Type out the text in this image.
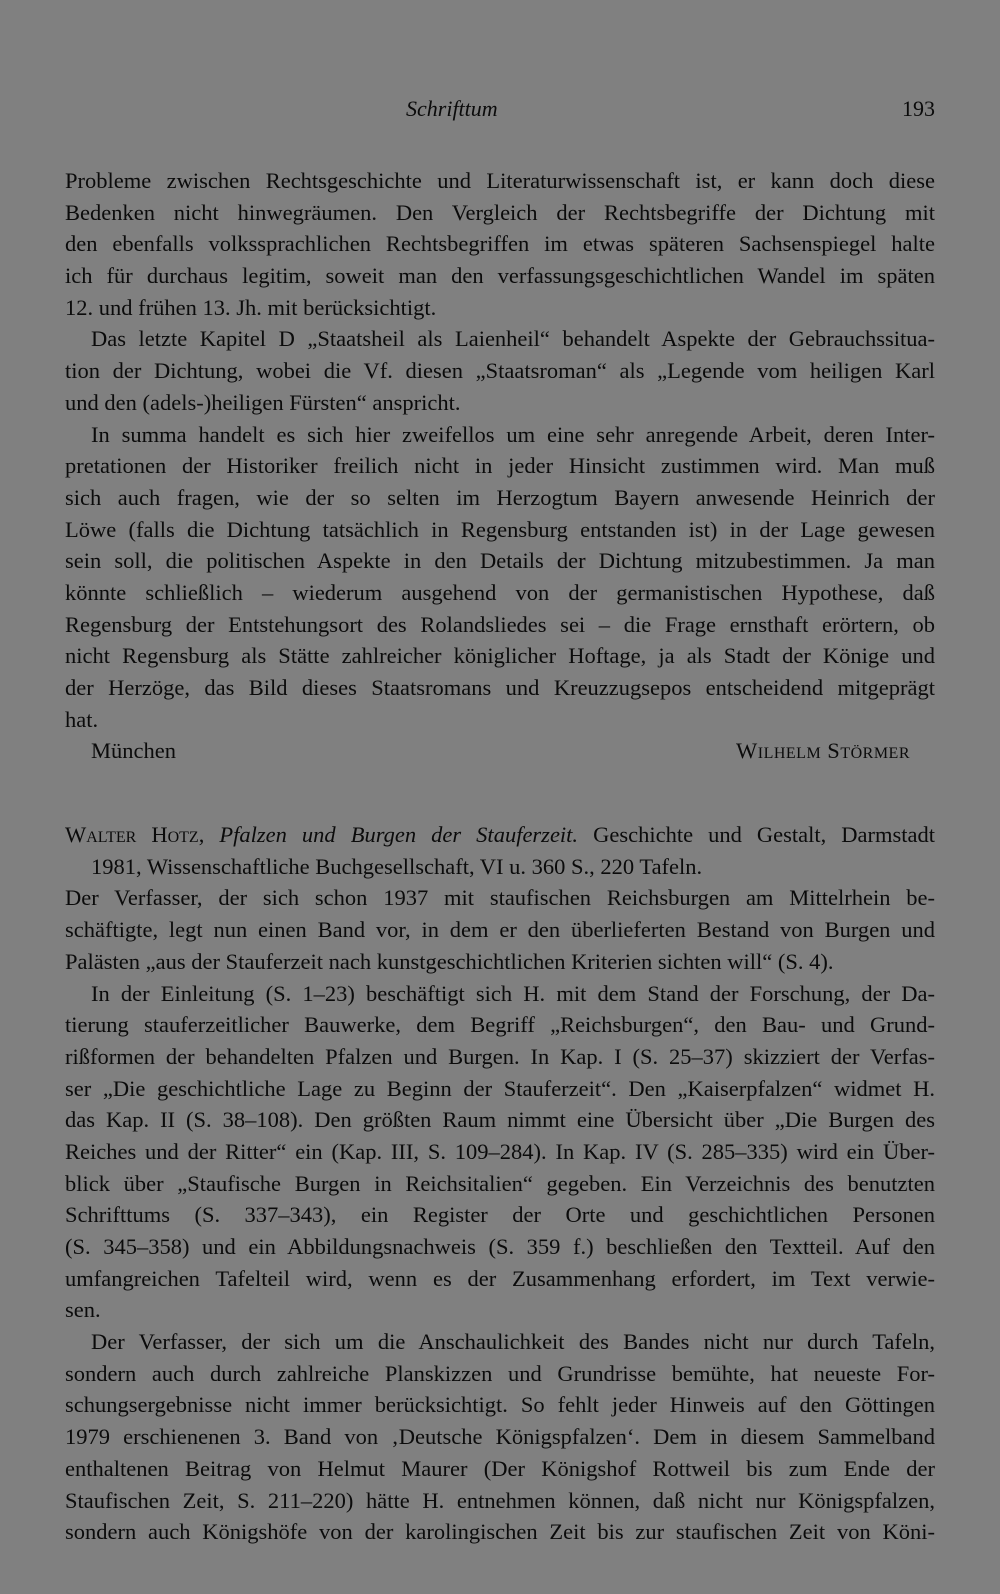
Schrifttum	193
Probleme zwischen Rechtsgeschichte und Literaturwissenschaft ist, er kann doch diese
Bedenken nicht hinwegräumen. Den Vergleich der Rechtsbegriffe der Dichtung mit
den ebenfalls volkssprachlichen Rechtsbegriffen im etwas späteren Sachsenspiegel halte
ich für durchaus legitim, soweit man den verfassungsgeschichtlichen Wandel im späten
12. und frühen 13. Jh. mit berücksichtigt.
Das letzte Kapitel D „Staatsheil als Laienheil“ behandelt Aspekte der Gebrauchssitua-
tion der Dichtung, wobei die Vf. diesen „Staatsroman“ als „Legende vom heiligen Karl
und den (adels-)heiligen Fürsten“ anspricht.
In summa handelt es sich hier zweifellos um eine sehr anregende Arbeit, deren Inter-
pretationen der Historiker freilich nicht in jeder Hinsicht zustimmen wird. Man muß
sich auch fragen, wie der so selten im Herzogtum Bayern anwesende Heinrich der
Löwe (falls die Dichtung tatsächlich in Regensburg entstanden ist) in der Lage gewesen
sein soll, die politischen Aspekte in den Details der Dichtung mitzubestimmen. Ja man
könnte schließlich – wiederum ausgehend von der germanistischen Hypothese, daß
Regensburg der Entstehungsort des Rolandsliedes sei – die Frage ernsthaft erörtern, ob
nicht Regensburg als Stätte zahlreicher königlicher Hoftage, ja als Stadt der Könige und
der Herzöge, das Bild dieses Staatsromans und Kreuzzugsepos entscheidend mitgeprägt
hat.
München	Wilhelm Störmer
Walter Hotz, Pfalzen und Burgen der Stauferzeit. Geschichte und Gestalt, Darmstadt
1981, Wissenschaftliche Buchgesellschaft, VI u. 360 S., 220 Tafeln.
Der Verfasser, der sich schon 1937 mit staufischen Reichsburgen am Mittelrhein be-
schäftigte, legt nun einen Band vor, in dem er den überlieferten Bestand von Burgen und
Palästen „aus der Stauferzeit nach kunstgeschichtlichen Kriterien sichten will“ (S. 4).
In der Einleitung (S. 1–23) beschäftigt sich H. mit dem Stand der Forschung, der Da-
tierung stauferzeitlicher Bauwerke, dem Begriff „Reichsburgen“, den Bau- und Grund-
rißformen der behandelten Pfalzen und Burgen. In Kap. I (S. 25–37) skizziert der Verfas-
ser „Die geschichtliche Lage zu Beginn der Stauferzeit“. Den „Kaiserpfalzen“ widmet H.
das Kap. II (S. 38–108). Den größten Raum nimmt eine Übersicht über „Die Burgen des
Reiches und der Ritter“ ein (Kap. III, S. 109–284). In Kap. IV (S. 285–335) wird ein Über-
blick über „Staufische Burgen in Reichsitalien“ gegeben. Ein Verzeichnis des benutzten
Schrifttums (S. 337–343), ein Register der Orte und geschichtlichen Personen
(S. 345–358) und ein Abbildungsnachweis (S. 359 f.) beschließen den Textteil. Auf den
umfangreichen Tafelteil wird, wenn es der Zusammenhang erfordert, im Text verwie-
sen.
Der Verfasser, der sich um die Anschaulichkeit des Bandes nicht nur durch Tafeln,
sondern auch durch zahlreiche Planskizzen und Grundrisse bemühte, hat neueste For-
schungsergebnisse nicht immer berücksichtigt. So fehlt jeder Hinweis auf den Göttingen
1979 erschienenen 3. Band von ‚Deutsche Königspfalzen‘. Dem in diesem Sammelband
enthaltenen Beitrag von Helmut Maurer (Der Königshof Rottweil bis zum Ende der
Staufischen Zeit, S. 211–220) hätte H. entnehmen können, daß nicht nur Königspfalzen,
sondern auch Königshöfe von der karolingischen Zeit bis zur staufischen Zeit von Köni-
